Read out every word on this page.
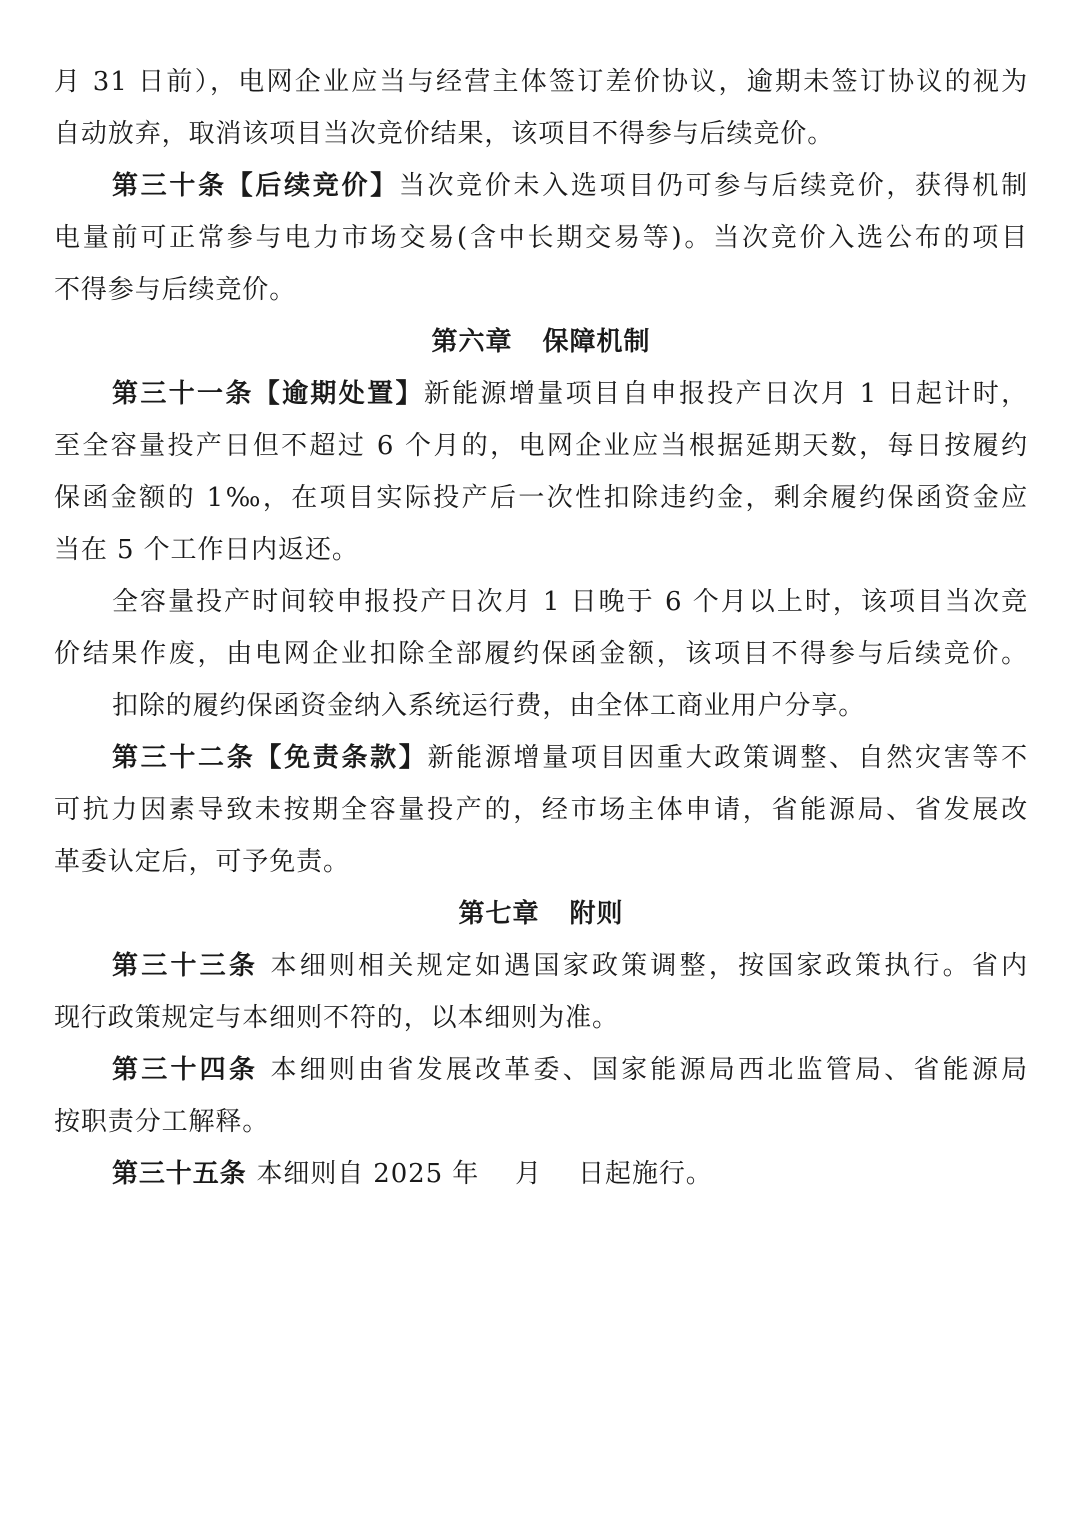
月 31 日前），电网企业应当与经营主体签订差价协议，逾期未签订协议的视为
自动放弃，取消该项目当次竞价结果，该项目不得参与后续竞价。
第三十条【后续竞价】当次竞价未入选项目仍可参与后续竞价，获得机制
电量前可正常参与电力市场交易(含中长期交易等)。当次竞价入选公布的项目
不得参与后续竞价。
第六章 保障机制
第三十一条【逾期处置】新能源增量项目自申报投产日次月 1 日起计时，
至全容量投产日但不超过 6 个月的，电网企业应当根据延期天数，每日按履约
保函金额的 1‰，在项目实际投产后一次性扣除违约金，剩余履约保函资金应
当在 5 个工作日内返还。
全容量投产时间较申报投产日次月 1 日晚于 6 个月以上时，该项目当次竞
价结果作废，由电网企业扣除全部履约保函金额，该项目不得参与后续竞价。
扣除的履约保函资金纳入系统运行费，由全体工商业用户分享。
第三十二条【免责条款】新能源增量项目因重大政策调整、自然灾害等不
可抗力因素导致未按期全容量投产的，经市场主体申请，省能源局、省发展改
革委认定后，可予免责。
第七章 附则
第三十三条 本细则相关规定如遇国家政策调整，按国家政策执行。省内
现行政策规定与本细则不符的，以本细则为准。
第三十四条 本细则由省发展改革委、国家能源局西北监管局、省能源局
按职责分工解释。
第三十五条 本细则自 2025 年　 月　 日起施行。
